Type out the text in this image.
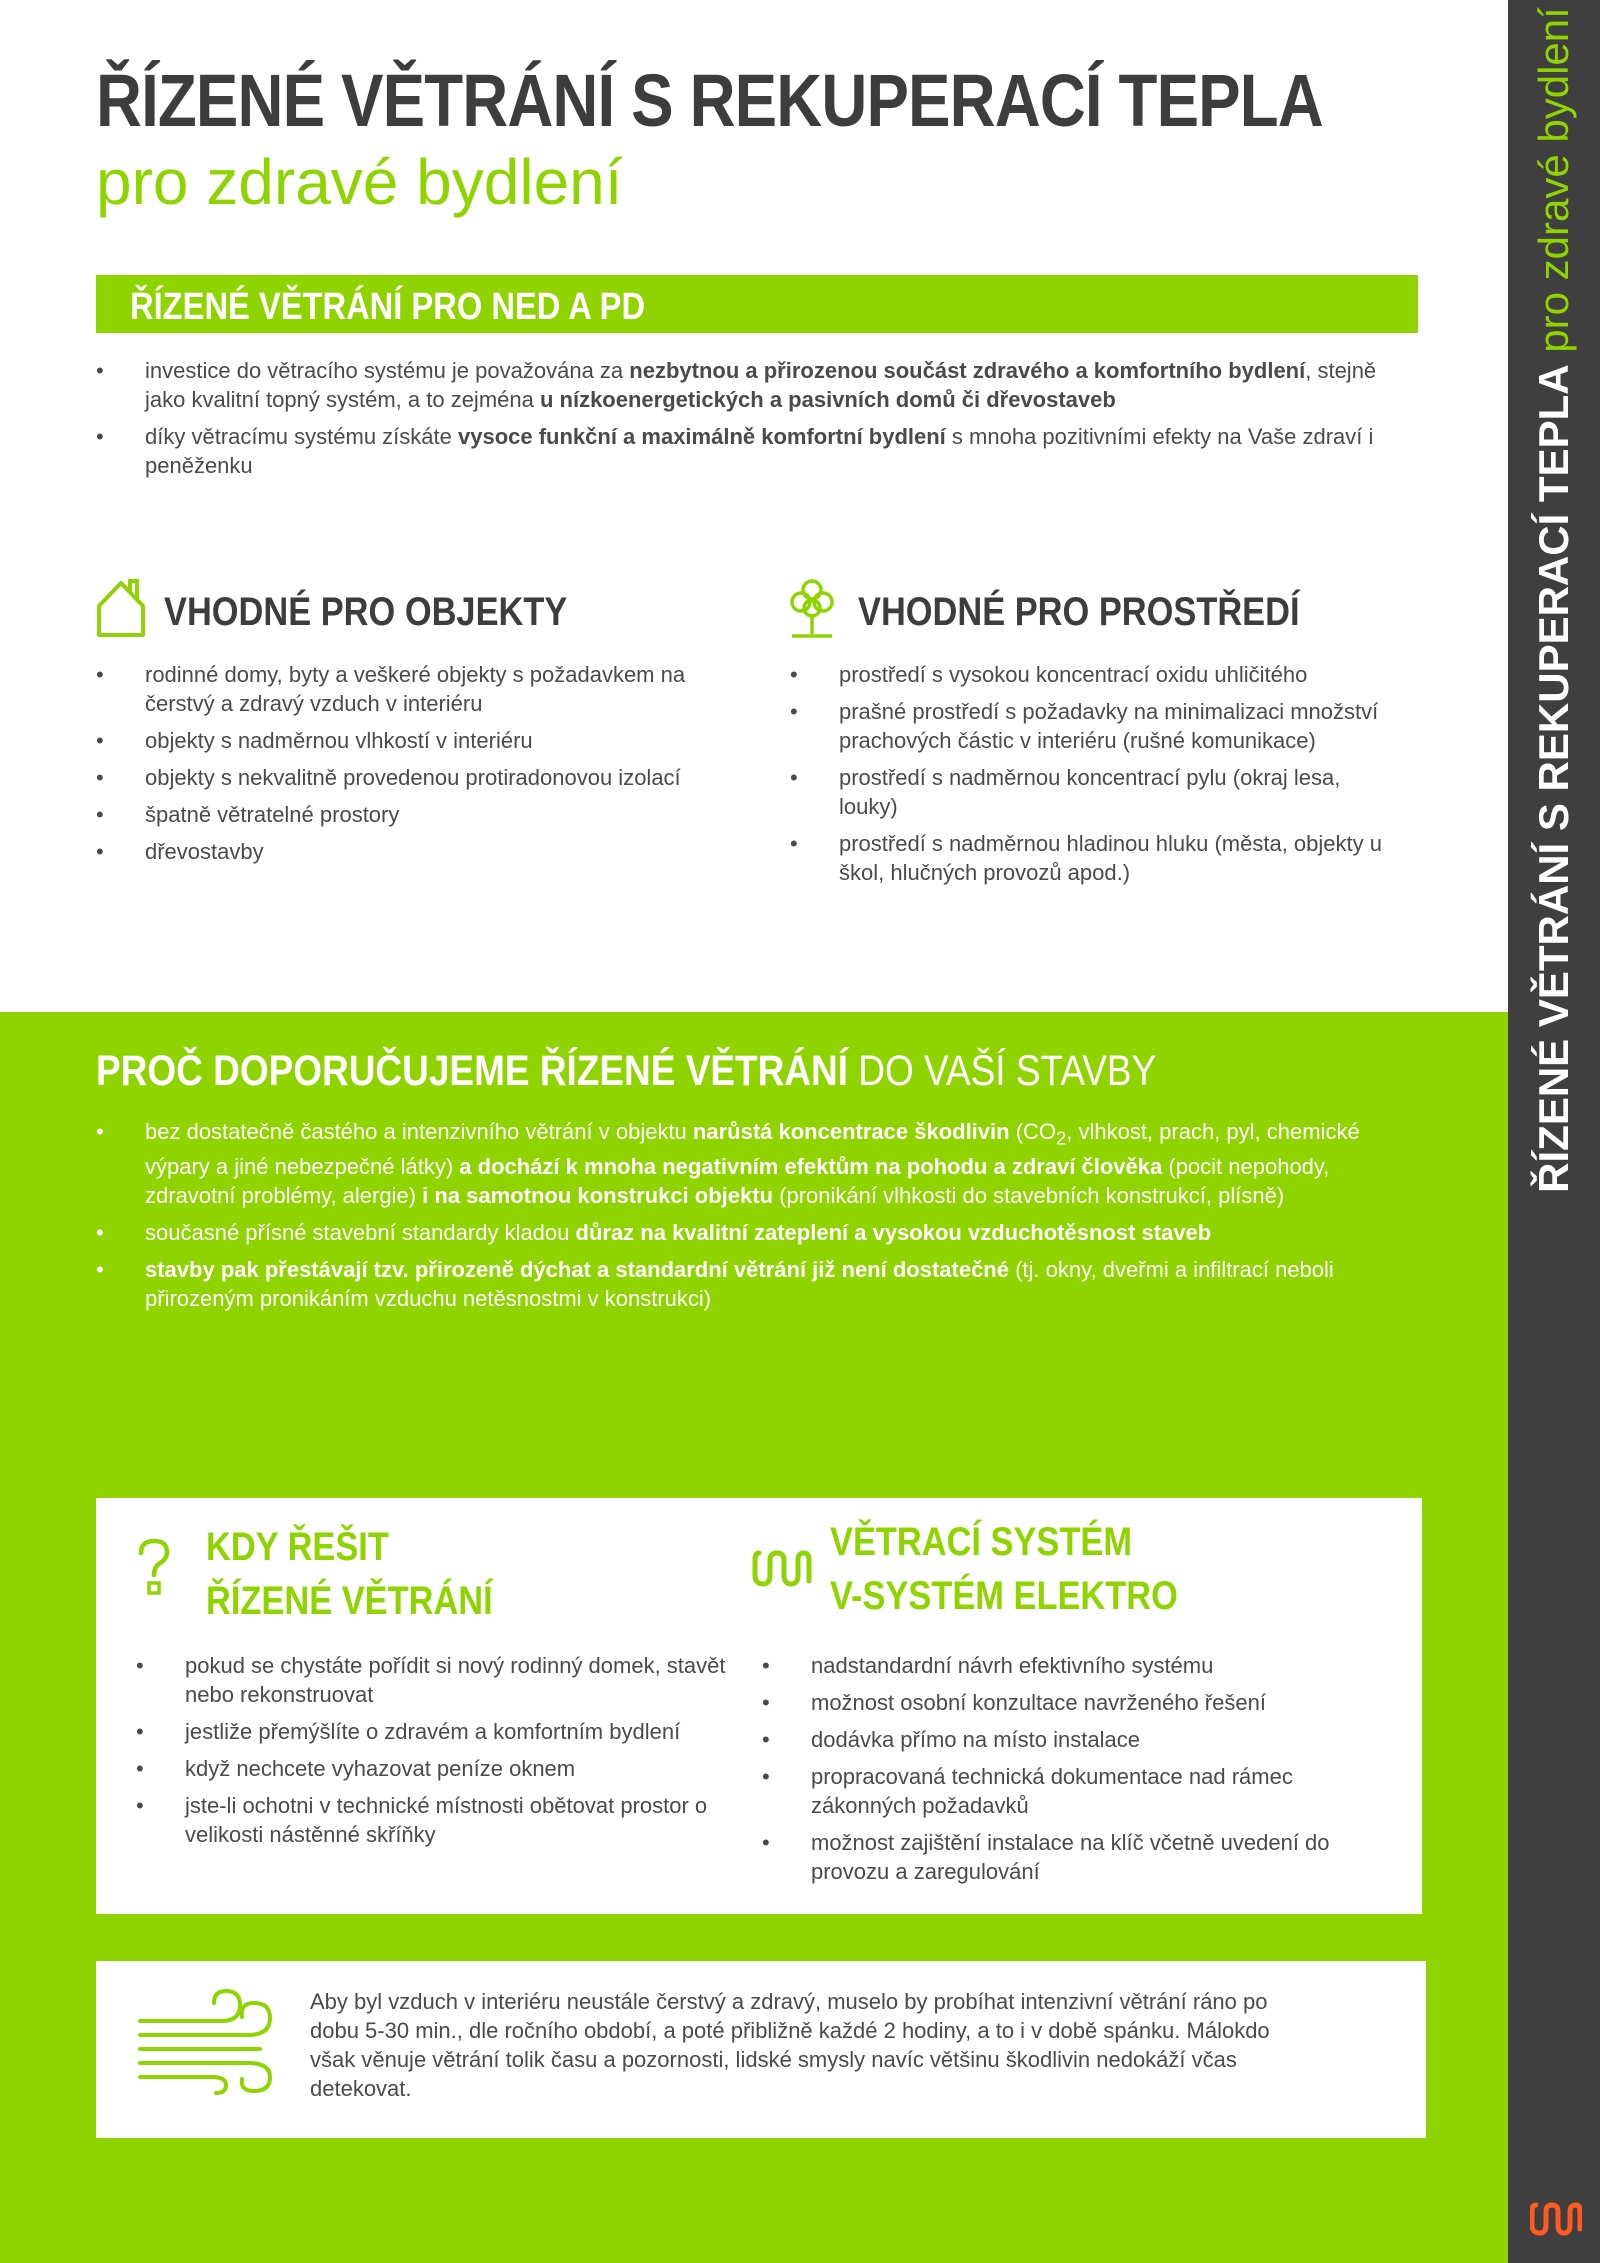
ŘÍZENÉ VĚTRÁNÍ S REKUPERACÍ TEPLA pro zdravé bydlení
ŘÍZENÉ VĚTRÁNÍ S REKUPERACÍ TEPLA
pro zdravé bydlení
ŘÍZENÉ VĚTRÁNÍ PRO NED A PD
• investice do větracího systému je považována za nezbytnou a přirozenou součást zdravého a komfortního bydlení, stejně jako kvalitní topný systém, a to zejména u nízkoenergetických a pasivních domů či dřevostaveb
• díky větracímu systému získáte vysoce funkční a maximálně komfortní bydlení s mnoha pozitivními efekty na Vaše zdraví i peněženku
VHODNÉ PRO OBJEKTY
• rodinné domy, byty a veškeré objekty s požadavkem na čerstvý a zdravý vzduch v interiéru
• objekty s nadměrnou vlhkostí v interiéru
• objekty s nekvalitně provedenou protiradonovou izolací
• špatně větratelné prostory
• dřevostavby
VHODNÉ PRO PROSTŘEDÍ
• prostředí s vysokou koncentrací oxidu uhličitého
• prašné prostředí s požadavky na minimalizaci množství prachových částic v interiéru (rušné komunikace)
• prostředí s nadměrnou koncentrací pylu (okraj lesa, louky)
• prostředí s nadměrnou hladinou hluku (města, objekty u škol, hlučných provozů apod.)
PROČ DOPORUČUJEME ŘÍZENÉ VĚTRÁNÍ DO VAŠÍ STAVBY
• bez dostatečně častého a intenzivního větrání v objektu narůstá koncentrace škodlivin ($CO_2$, vlhkost, prach, pyl, chemické výpary a jiné nebezpečné látky) a dochází k mnoha negativním efektům na pohodu a zdraví člověka (pocit nepohody, zdravotní problémy, alergie) i na samotnou konstrukci objektu (pronikání vlhkosti do stavebních konstrukcí, plísně)
• současné přísné stavební standardy kladou důraz na kvalitní zateplení a vysokou vzduchotěsnost staveb
• stavby pak přestávají tzv. přirozeně dýchat a standardní větrání již není dostatečné (tj. okny, dveřmi a infiltrací neboli přirozeným pronikáním vzduchu netěsnostmi v konstrukci)
KDY ŘEŠIT
ŘÍZENÉ VĚTRÁNÍ
• pokud se chystáte pořídit si nový rodinný domek, stavět nebo rekonstruovat
• jestliže přemýšlíte o zdravém a komfortním bydlení
• když nechcete vyhazovat peníze oknem
• jste-li ochotni v technické místnosti obětovat prostor o velikosti nástěnné skříňky
VĚTRACÍ SYSTÉM
V-SYSTÉM ELEKTRO
• nadstandardní návrh efektivního systému
• možnost osobní konzultace navrženého řešení
• dodávka přímo na místo instalace
• propracovaná technická dokumentace nad rámec zákonných požadavků
• možnost zajištění instalace na klíč včetně uvedení do provozu a zaregulování
Aby byl vzduch v interiéru neustále čerstvý a zdravý, muselo by probíhat intenzivní větrání ráno po dobu 5-30 min., dle ročního období, a poté přibližně každé 2 hodiny, a to i v době spánku. Málokdo však věnuje větrání tolik času a pozornosti, lidské smysly navíc většinu škodlivin nedokáží včas detekovat.
